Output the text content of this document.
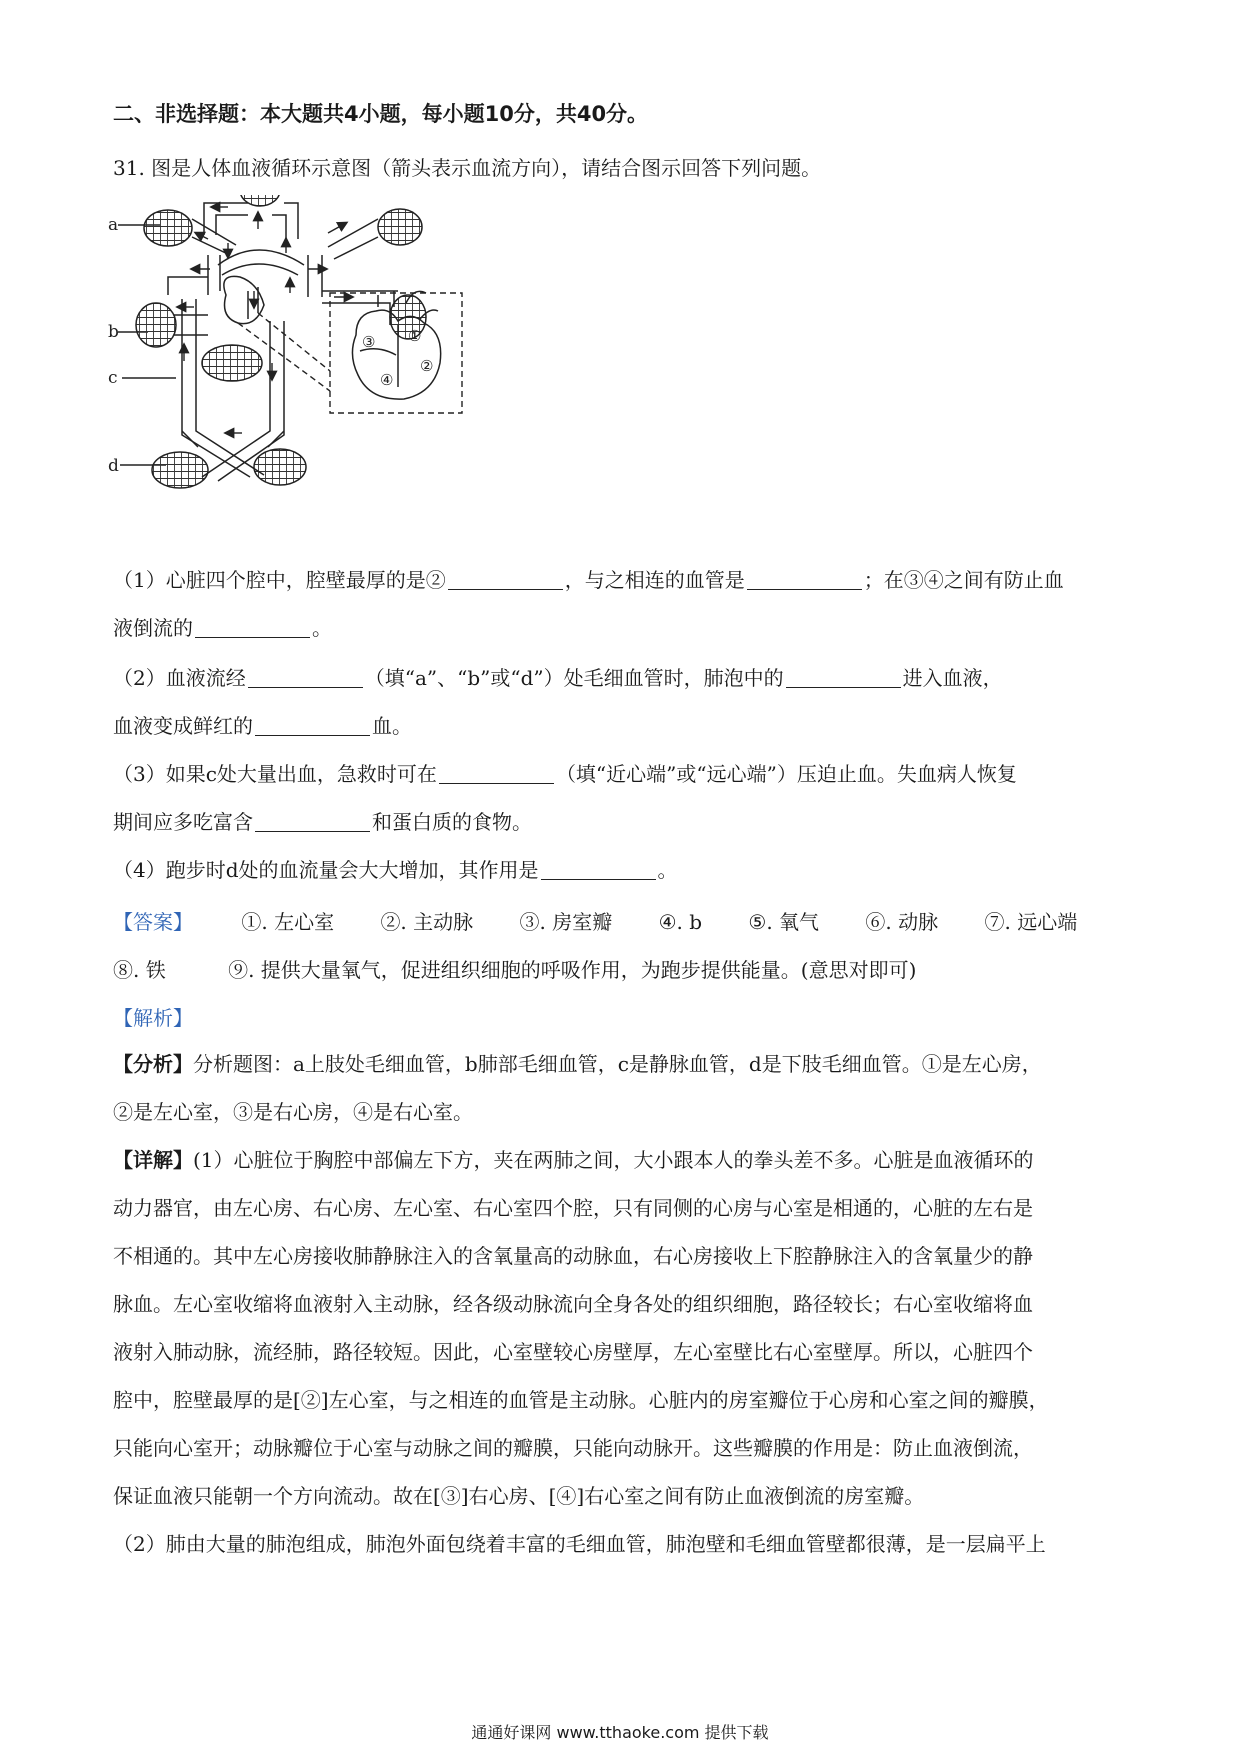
二、非选择题：本大题共4小题，每小题10分，共40分。
31. 图是人体血液循环示意图（箭头表示血流方向），请结合图示回答下列问题。
①
②
③
④
a
b
c
d
（1）心脏四个腔中，腔壁最厚的是②	，与之相连的血管是	；在③④之间有防止血
液倒流的	。
（2）血液流经	（填“a”、“b”或“d”）处毛细血管时，肺泡中的	进入血液，
血液变成鲜红的	血。
（3）如果c处大量出血，急救时可在	（填“近心端”或“远心端”）压迫止血。失血病人恢复
期间应多吃富含	和蛋白质的食物。
（4）跑步时d处的血流量会大大增加，其作用是	。
【答案】 ①. 左心室 ②. 主动脉 ③. 房室瓣 ④. b ⑤. 氧气 ⑥. 动脉 ⑦. 远心端
⑧. 铁	⑨. 提供大量氧气，促进组织细胞的呼吸作用，为跑步提供能量。(意思对即可)
【解析】
【分析】分析题图：a上肢处毛细血管，b肺部毛细血管，c是静脉血管，d是下肢毛细血管。①是左心房，
②是左心室，③是右心房，④是右心室。
【详解】(1）心脏位于胸腔中部偏左下方，夹在两肺之间，大小跟本人的拳头差不多。心脏是血液循环的
动力器官，由左心房、右心房、左心室、右心室四个腔，只有同侧的心房与心室是相通的，心脏的左右是
不相通的。其中左心房接收肺静脉注入的含氧量高的动脉血，右心房接收上下腔静脉注入的含氧量少的静
脉血。左心室收缩将血液射入主动脉，经各级动脉流向全身各处的组织细胞，路径较长；右心室收缩将血
液射入肺动脉，流经肺，路径较短。因此，心室壁较心房壁厚，左心室壁比右心室壁厚。所以，心脏四个
腔中，腔壁最厚的是[②]左心室，与之相连的血管是主动脉。心脏内的房室瓣位于心房和心室之间的瓣膜，
只能向心室开；动脉瓣位于心室与动脉之间的瓣膜，只能向动脉开。这些瓣膜的作用是：防止血液倒流，
保证血液只能朝一个方向流动。故在[③]右心房、[④]右心室之间有防止血液倒流的房室瓣。
（2）肺由大量的肺泡组成，肺泡外面包绕着丰富的毛细血管，肺泡壁和毛细血管壁都很薄，是一层扁平上
通通好课网 www.tthaoke.com 提供下载
